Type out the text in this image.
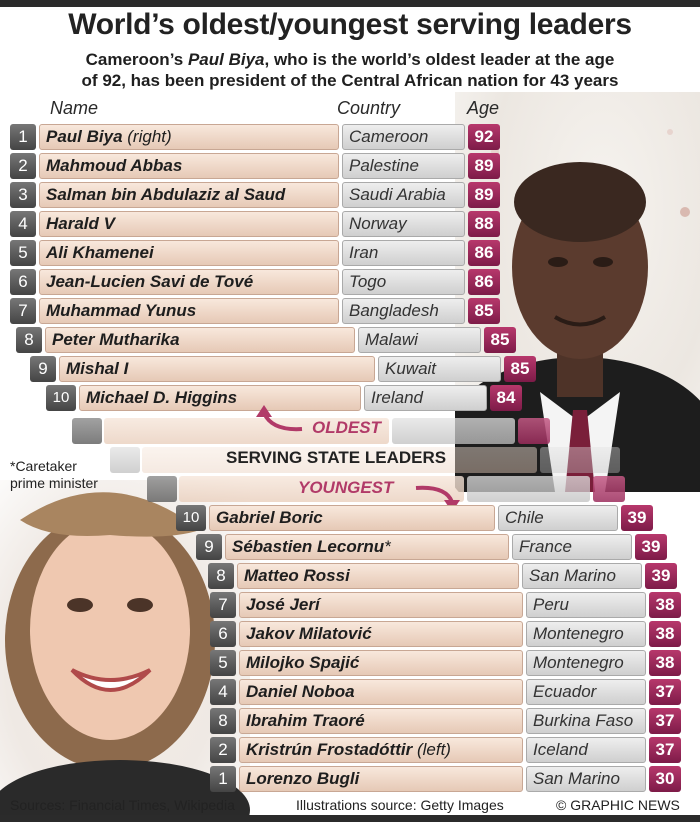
World’s oldest/youngest serving leaders
Cameroon’s Paul Biya, who is the world’s oldest leader at the age
of 92, has been president of the Central African nation for 43 years
Name	Country	Age
1	Paul Biya (right)	Cameroon	92
2	Mahmoud Abbas	Palestine	89
3	Salman bin Abdulaziz al Saud	Saudi Arabia	89
4	Harald V	Norway	88
5	Ali Khamenei	Iran	86
6	Jean-Lucien Savi de Tové	Togo	86
7	Muhammad Yunus	Bangladesh	85
8	Peter Mutharika	Malawi	85
9	Mishal I	Kuwait	85
10 Michael D. Higgins	Ireland	84
OLDEST
SERVING STATE LEADERS
*Caretaker
prime minister	YOUNGEST
10 Gabriel Boric	Chile	39
9	Sébastien Lecornu*	France	39
8	Matteo Rossi	San Marino	39
7	José Jerí	Peru	38
6	Jakov Milatović	Montenegro	38
5	Milojko Spajić	Montenegro	38
4	Daniel Noboa	Ecuador	37
8	Ibrahim Traoré	Burkina Faso	37
2	Kristrún Frostadóttir (left)	Iceland	37
1	Lorenzo Bugli	San Marino	30
Sources: Financial Times, Wikipedia	Illustrations source: Getty Images	© GRAPHIC NEWS
